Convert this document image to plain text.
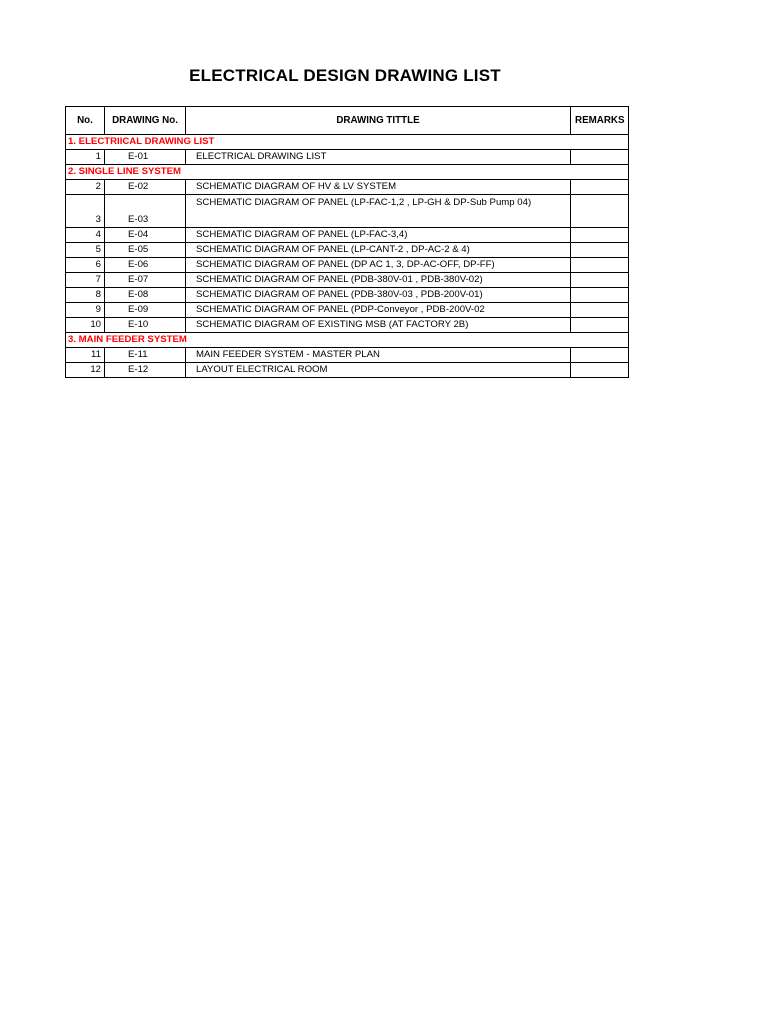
ELECTRICAL DESIGN DRAWING LIST
No.	DRAWING No.	DRAWING TITTLE	REMARKS
1. ELECTRIICAL DRAWING LIST			
1	E-01	ELECTRICAL DRAWING LIST	
2. SINGLE LINE SYSTEM			
2	E-02	SCHEMATIC DIAGRAM OF HV & LV SYSTEM	
3	E-03	SCHEMATIC DIAGRAM OF PANEL (LP-FAC-1,2 , LP-GH & DP-Sub Pump 04)	
4	E-04	SCHEMATIC DIAGRAM OF PANEL (LP-FAC-3,4)	
5	E-05	SCHEMATIC DIAGRAM OF PANEL (LP-CANT-2 , DP-AC-2 & 4)	
6	E-06	SCHEMATIC DIAGRAM OF PANEL (DP AC 1, 3, DP-AC-OFF, DP-FF)	
7	E-07	SCHEMATIC DIAGRAM OF PANEL (PDB-380V-01 , PDB-380V-02)	
8	E-08	SCHEMATIC DIAGRAM OF PANEL (PDB-380V-03 , PDB-200V-01)	
9	E-09	SCHEMATIC DIAGRAM OF PANEL (PDP-Conveyor , PDB-200V-02	
10	E-10	SCHEMATIC DIAGRAM OF EXISTING MSB (AT FACTORY 2B)	
3. MAIN FEEDER SYSTEM			
11	E-11	MAIN FEEDER SYSTEM - MASTER PLAN	
12	E-12	LAYOUT ELECTRICAL ROOM	
